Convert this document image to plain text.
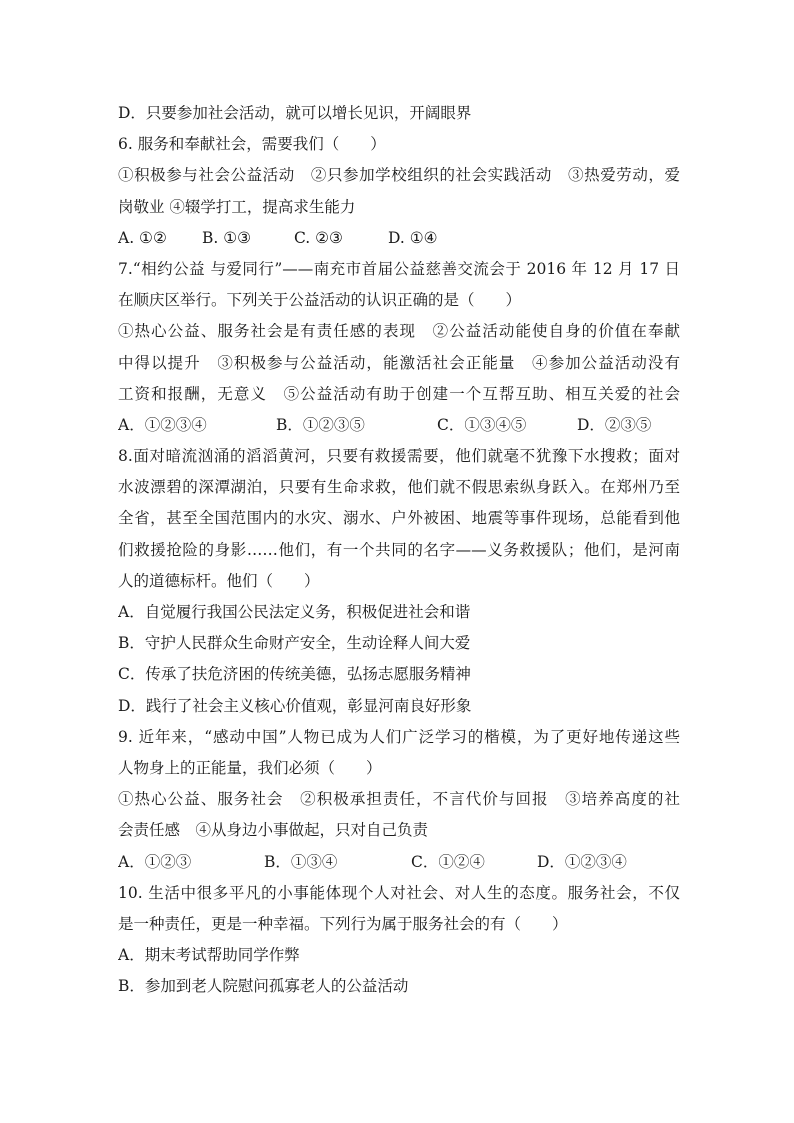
D．只要参加社会活动，就可以增长见识，开阔眼界
6. 服务和奉献社会，需要我们（　　）
①积极参与社会公益活动　②只参加学校组织的社会实践活动　③热爱劳动，爱
岗敬业 ④辍学打工，提高求生能力
A. ①②	B. ①③	C. ②③	D. ①④
7.“相约公益 与爱同行”——南充市首届公益慈善交流会于 2016 年 12 月 17 日
在顺庆区举行。下列关于公益活动的认识正确的是（　　）
①热心公益、服务社会是有责任感的表现　②公益活动能使自身的价值在奉献
中得以提升　③积极参与公益活动，能激活社会正能量　④参加公益活动没有
工资和报酬，无意义　⑤公益活动有助于创建一个互帮互助、相互关爱的社会
A．①②③④	B．①②③⑤	C．①③④⑤	D．②③⑤
8.面对暗流汹涌的滔滔黄河，只要有救援需要，他们就毫不犹豫下水搜救；面对
水波漂碧的深潭湖泊，只要有生命求救，他们就不假思索纵身跃入。在郑州乃至
全省，甚至全国范围内的水灾、溺水、户外被困、地震等事件现场，总能看到他
们救援抢险的身影……他们，有一个共同的名字——义务救援队；他们，是河南
人的道德标杆。他们（　　）
A．自觉履行我国公民法定义务，积极促进社会和谐
B．守护人民群众生命财产安全，生动诠释人间大爱
C．传承了扶危济困的传统美德，弘扬志愿服务精神
D．践行了社会主义核心价值观，彰显河南良好形象
9. 近年来，“感动中国”人物已成为人们广泛学习的楷模，为了更好地传递这些
人物身上的正能量，我们必须（　　）
①热心公益、服务社会　②积极承担责任，不言代价与回报　③培养高度的社
会责任感　④从身边小事做起，只对自己负责
A．①②③	B．①③④	C．①②④	D．①②③④
10. 生活中很多平凡的小事能体现个人对社会、对人生的态度。服务社会，不仅
是一种责任，更是一种幸福。下列行为属于服务社会的有（　　）
A．期末考试帮助同学作弊
B．参加到老人院慰问孤寡老人的公益活动
